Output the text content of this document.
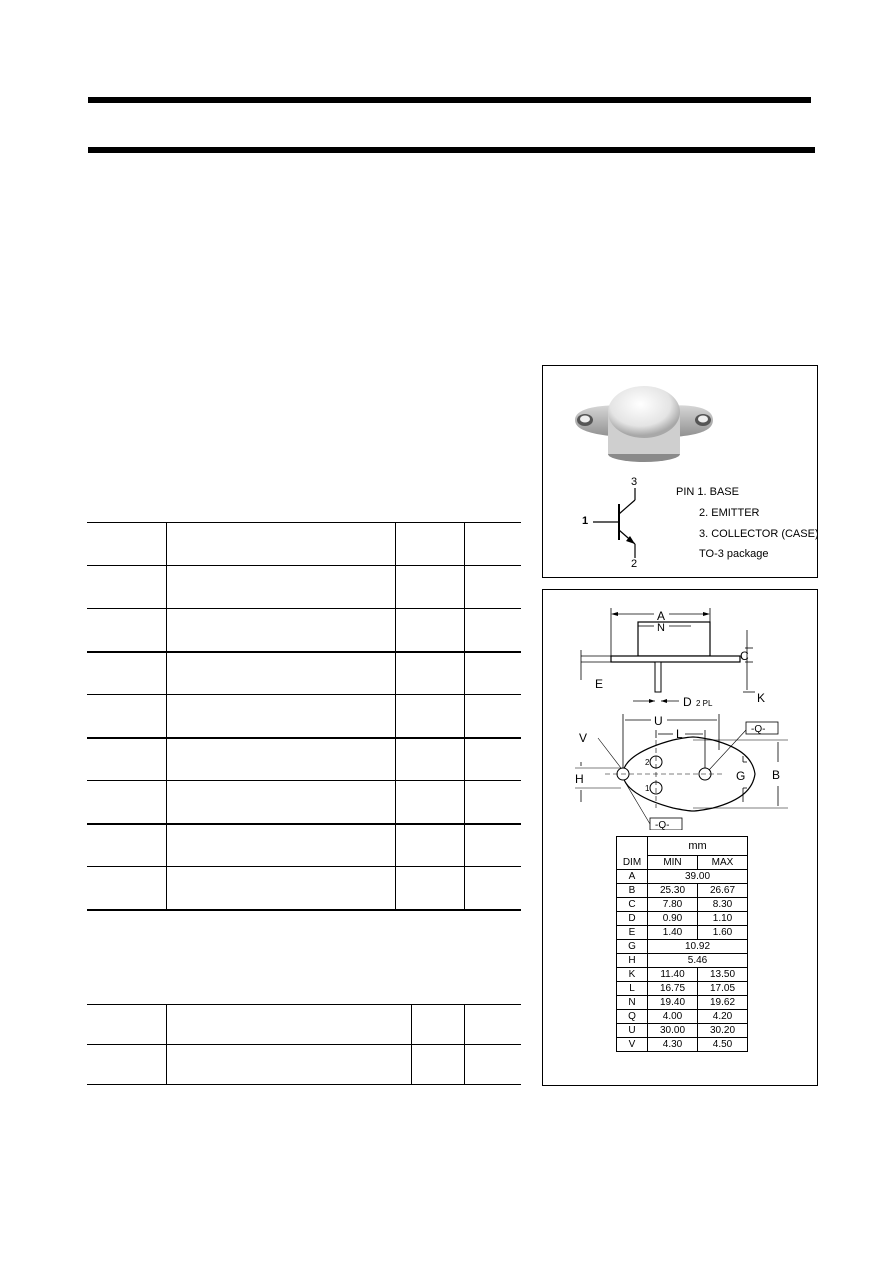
3
1
2
PIN 1. BASE
2. EMITTER
3. COLLECTOR (CASE)
TO-3 package
A
N
C
E
K
D 2 PL
U
L	-Q-
V
H	G B
2
1
-Q-
	mm	
DIM	MIN	MAX
A	39.00	
B	25.30	26.67
C	7.80	8.30
D	0.90	1.10
E	1.40	1.60
G	10.92	
H	5.46	
K	11.40	13.50
L	16.75	17.05
N	19.40	19.62
Q	4.00	4.20
U	30.00	30.20
V	4.30	4.50
